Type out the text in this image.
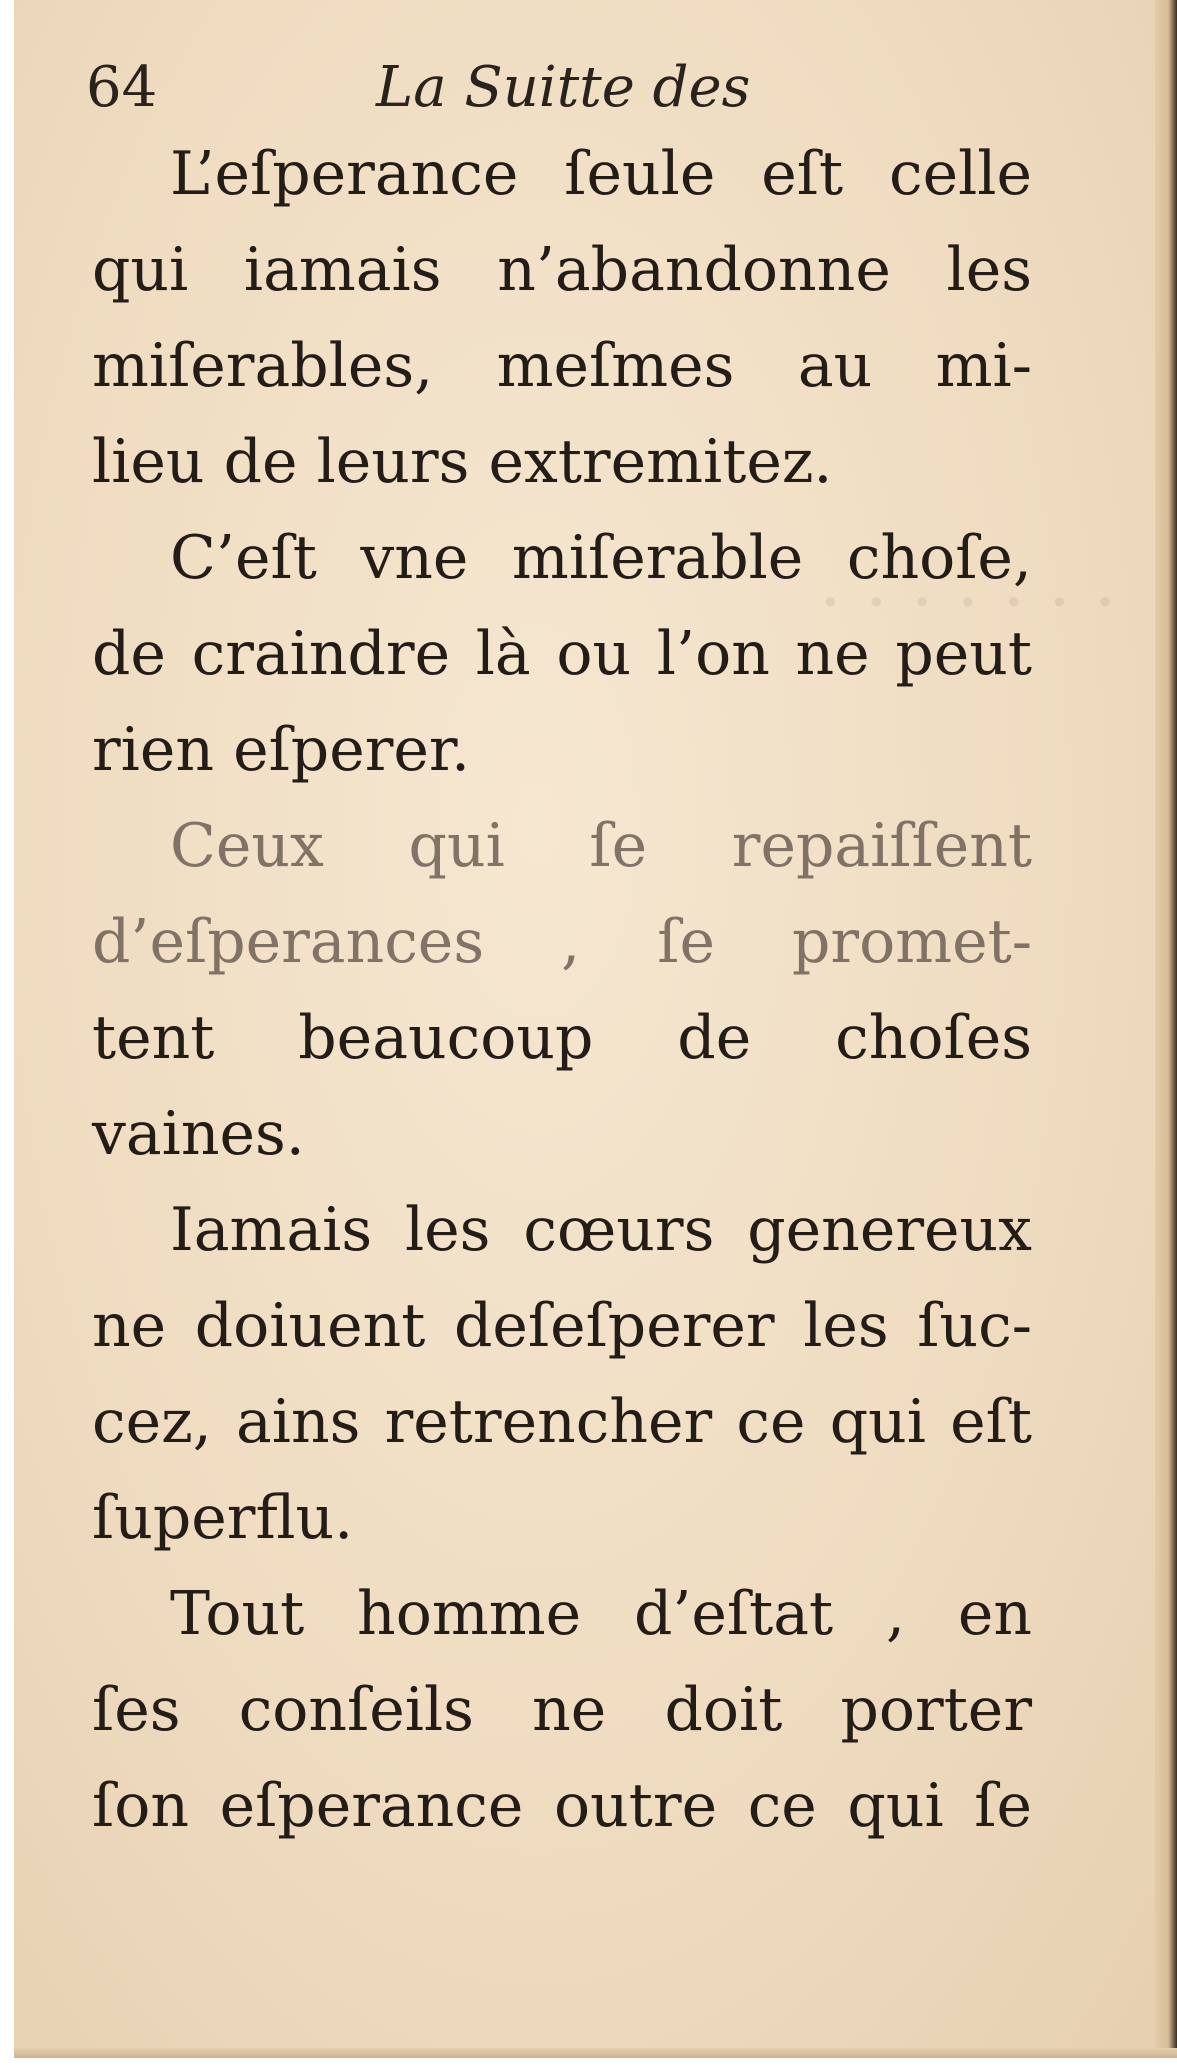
· · · · · · ·
64	La Suitte des
L’eſperance ſeule eſt celle
qui iamais n’abandonne les
miſerables, meſmes au mi-
lieu de leurs extremitez.
C’eſt vne miſerable choſe,
de craindre là ou l’on ne peut
rien eſperer.
Ceux qui ſe repaiſſent
d’eſperances , ſe promet-
tent beaucoup de choſes
vaines.
Iamais les cœurs genereux
ne doiuent deſeſperer les ſuc-
cez, ains retrencher ce qui eſt
ſuperflu.
Tout homme d’eſtat , en
ſes conſeils ne doit porter
ſon eſperance outre ce qui ſe
